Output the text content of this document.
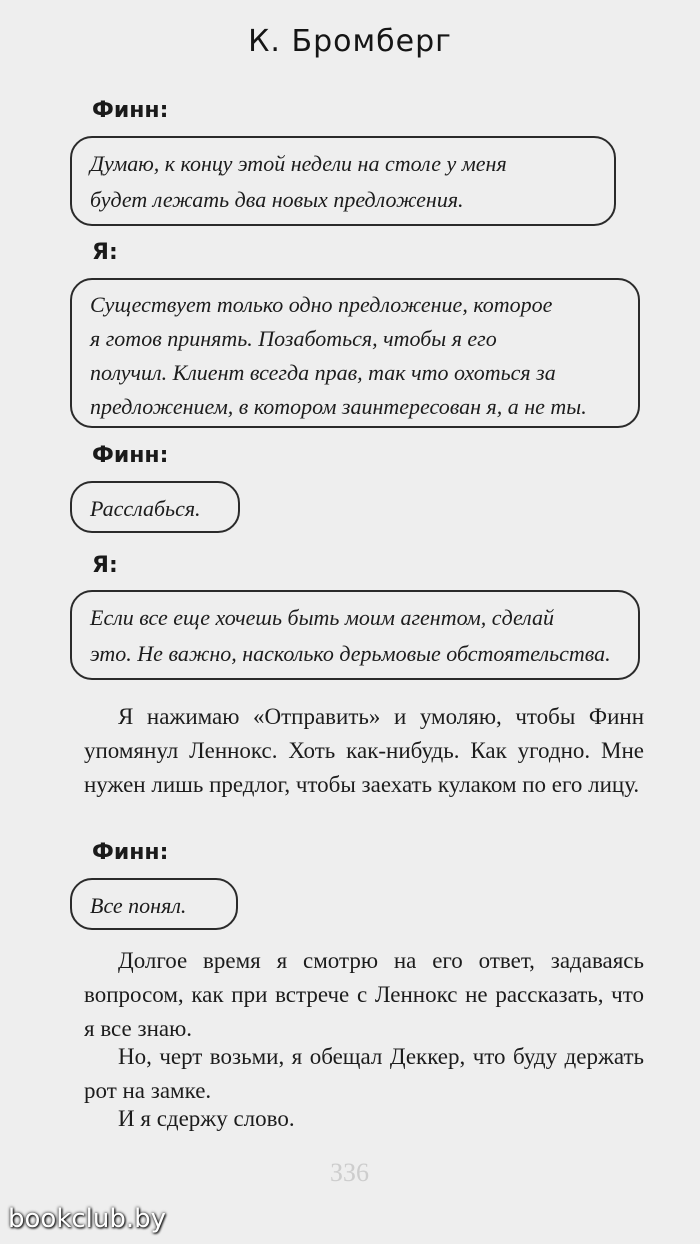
К. Бромберг
Финн:
Думаю, к концу этой недели на столе у меня
будет лежать два новых предложения.
Я:
Существует только одно предложение, которое
я готов принять. Позаботься, чтобы я его
получил. Клиент всегда прав, так что охоться за
предложением, в котором заинтересован я, а не ты.
Финн:
Расслабься.
Я:
Если все еще хочешь быть моим агентом, сделай
это. Не важно, насколько дерьмовые обстоятельства.
Я нажимаю «Отправить» и умоляю, чтобы Финн упомянул Леннокс. Хоть как-нибудь. Как угодно. Мне нужен лишь предлог, чтобы заехать кулаком по его лицу.
Финн:
Все понял.
Долгое время я смотрю на его ответ, задаваясь вопросом, как при встрече с Леннокс не рассказать, что я все знаю.
Но, черт возьми, я обещал Деккер, что буду держать рот на замке.
И я сдержу слово.
ЗЗ6
bookclub.by
